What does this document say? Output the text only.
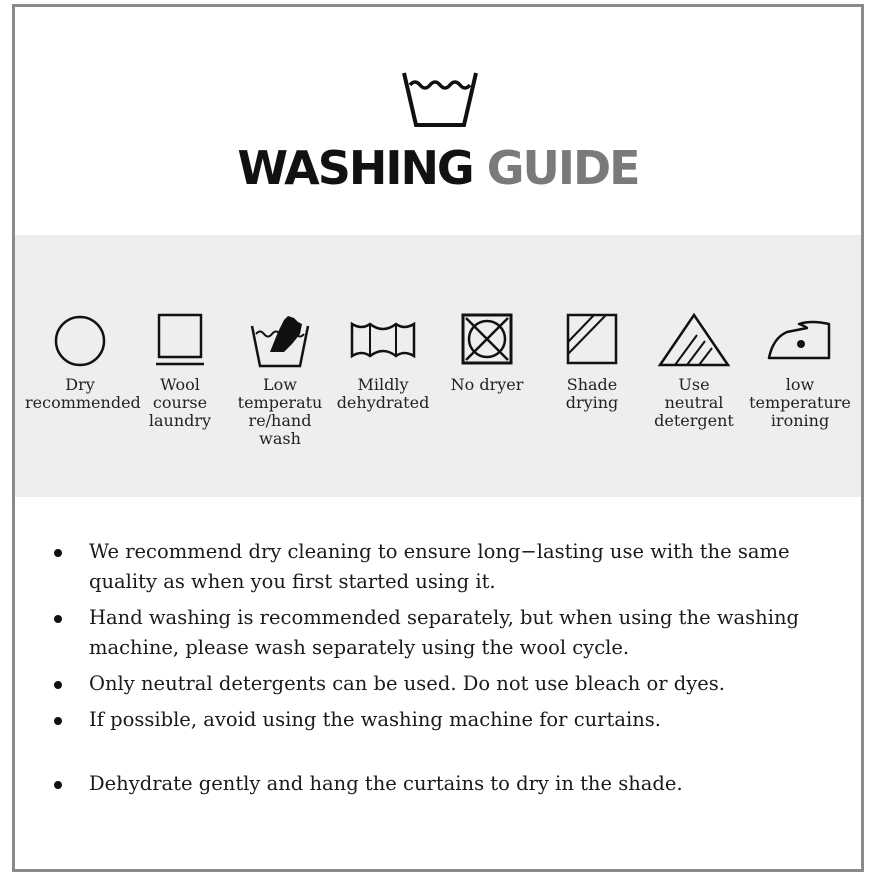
WASHING GUIDE
Dry
recommended
Wool
course
laundry
Low
temperatu
re/hand
wash
Mildly
dehydrated
No dryer	Shade
drying
Use
neutral
detergent
low
temperature
ironing
We recommend dry cleaning to ensure long−lasting use with the same quality as when you first started using it.
Hand washing is recommended separately, but when using the washing machine, please wash separately using the wool cycle.
Only neutral detergents can be used. Do not use bleach or dyes.
If possible, avoid using the washing machine for curtains.
Dehydrate gently and hang the curtains to dry in the shade.
